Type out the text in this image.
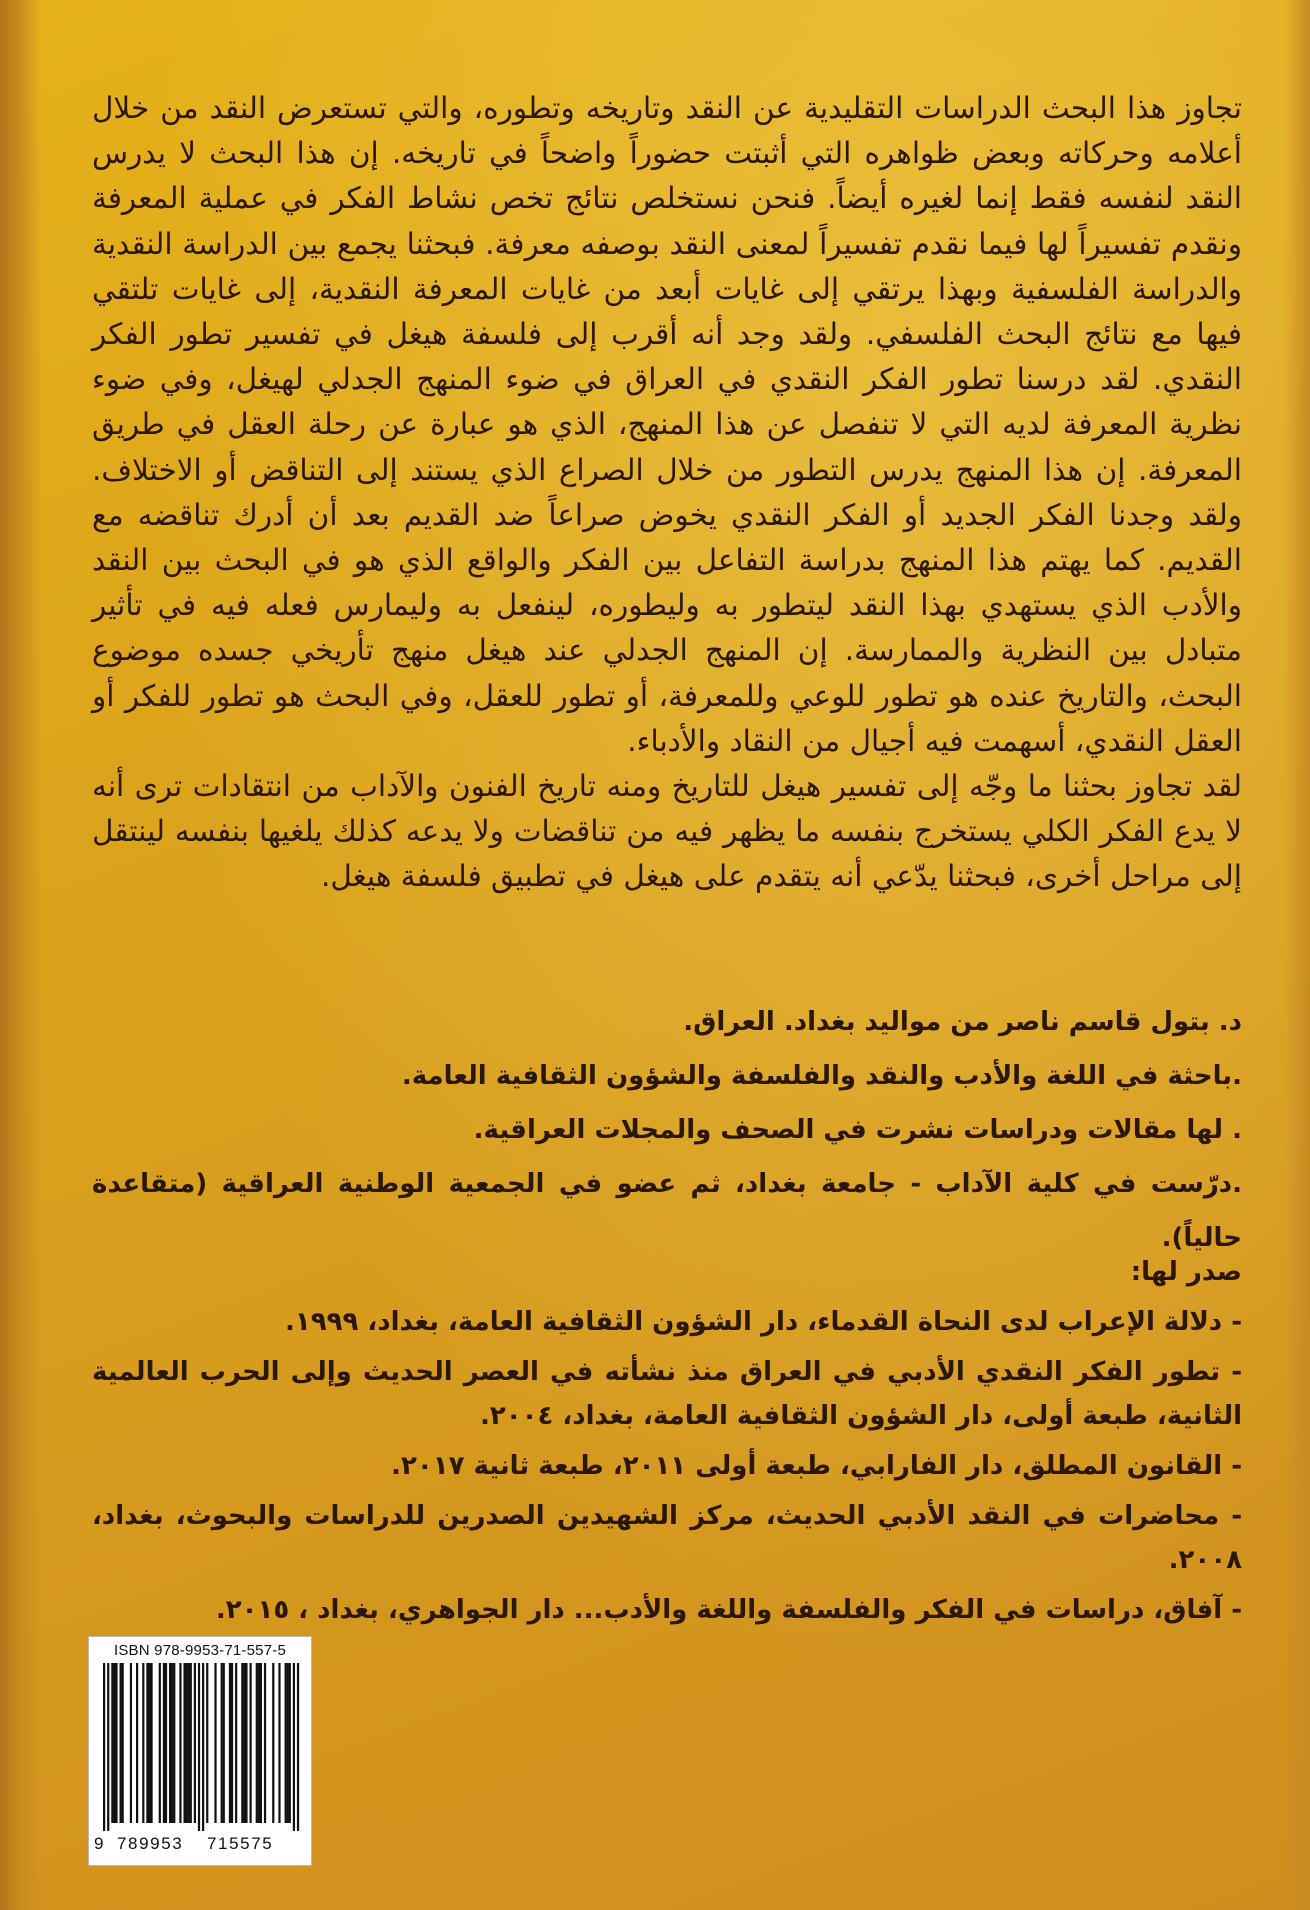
تجاوز هذا البحث الدراسات التقليدية عن النقد وتاريخه وتطوره، والتي تستعرض النقد من خلال أعلامه وحركاته وبعض ظواهره التي أثبتت حضوراً واضحاً في تاريخه. إن هذا البحث لا يدرس النقد لنفسه فقط إنما لغيره أيضاً. فنحن نستخلص نتائج تخص نشاط الفكر في عملية المعرفة ونقدم تفسيراً لها فيما نقدم تفسيراً لمعنى النقد بوصفه معرفة. فبحثنا يجمع بين الدراسة النقدية والدراسة الفلسفية وبهذا يرتقي إلى غايات أبعد من غايات المعرفة النقدية، إلى غايات تلتقي فيها مع نتائج البحث الفلسفي. ولقد وجد أنه أقرب إلى فلسفة هيغل في تفسير تطور الفكر النقدي. لقد درسنا تطور الفكر النقدي في العراق في ضوء المنهج الجدلي لهيغل، وفي ضوء نظرية المعرفة لديه التي لا تنفصل عن هذا المنهج، الذي هو عبارة عن رحلة العقل في طريق المعرفة. إن هذا المنهج يدرس التطور من خلال الصراع الذي يستند إلى التناقض أو الاختلاف. ولقد وجدنا الفكر الجديد أو الفكر النقدي يخوض صراعاً ضد القديم بعد أن أدرك تناقضه مع القديم. كما يهتم هذا المنهج بدراسة التفاعل بين الفكر والواقع الذي هو في البحث بين النقد والأدب الذي يستهدي بهذا النقد ليتطور به وليطوره، لينفعل به وليمارس فعله فيه في تأثير متبادل بين النظرية والممارسة. إن المنهج الجدلي عند هيغل منهج تأريخي جسده موضوع البحث، والتاريخ عنده هو تطور للوعي وللمعرفة، أو تطور للعقل، وفي البحث هو تطور للفكر أو العقل النقدي، أسهمت فيه أجيال من النقاد والأدباء.

لقد تجاوز بحثنا ما وجّه إلى تفسير هيغل للتاريخ ومنه تاريخ الفنون والآداب من انتقادات ترى أنه لا يدع الفكر الكلي يستخرج بنفسه ما يظهر فيه من تناقضات ولا يدعه كذلك يلغيها بنفسه لينتقل إلى مراحل أخرى، فبحثنا يدّعي أنه يتقدم على هيغل في تطبيق فلسفة هيغل.

د. بتول قاسم ناصر من مواليد بغداد. العراق.

.باحثة في اللغة والأدب والنقد والفلسفة والشؤون الثقافية العامة.

. لها مقالات ودراسات نشرت في الصحف والمجلات العراقية.

.درّست في كلية الآداب - جامعة بغداد، ثم عضو في الجمعية الوطنية العراقية (متقاعدة حالياً).

صدر لها:

- دلالة الإعراب لدى النحاة القدماء، دار الشؤون الثقافية العامة، بغداد، ١٩٩٩.

- تطور الفكر النقدي الأدبي في العراق منذ نشأته في العصر الحديث وإلى الحرب العالمية الثانية، طبعة أولى، دار الشؤون الثقافية العامة، بغداد، ٢٠٠٤.

- القانون المطلق، دار الفارابي، طبعة أولى ٢٠١١، طبعة ثانية ٢٠١٧.

- محاضرات في النقد الأدبي الحديث، مركز الشهيدين الصدرين للدراسات والبحوث، بغداد، ٢٠٠٨.

- آفاق، دراسات في الفكر والفلسفة واللغة والأدب... دار الجواهري، بغداد ، ٢٠١٥.

ISBN 978-9953-71-557-5
9 789953 715575
